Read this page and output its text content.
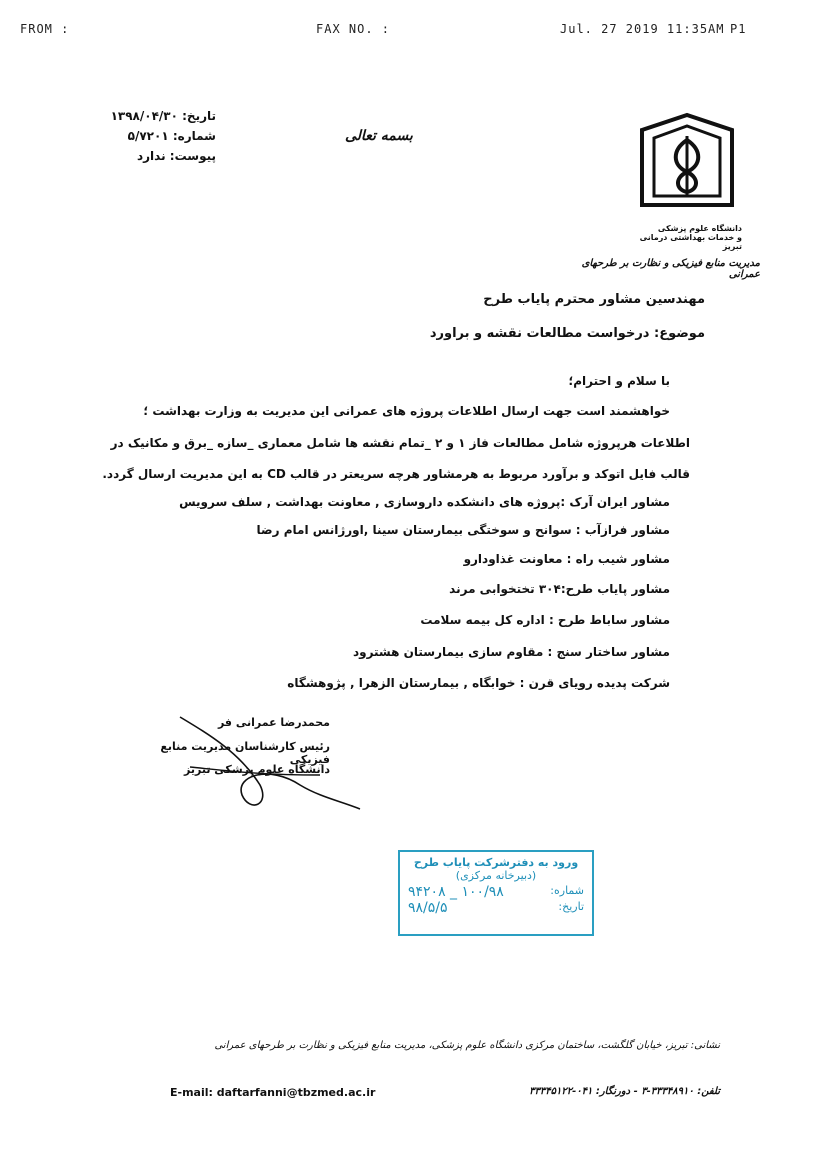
FROM :	FAX NO. :	Jul. 27 2019 11:35AM P1
تاریخ: ۱۳۹۸/۰۴/۳۰
شماره: ۵/۷۲۰۱
پیوست: ندارد
بسمه تعالی
دانشگاه علوم پزشکی
و خدمات بهداشتی درمانی تبریز
مدیریت منابع فیزیکی و نظارت بر طرحهای عمرانی
مهندسین مشاور محترم پایاب طرح
موضوع: درخواست مطالعات نقشه و براورد
با سلام و احترام؛
خواهشمند است جهت ارسال اطلاعات پروژه های عمرانی این مدیریت به وزارت بهداشت ؛
اطلاعات هرپروژه شامل مطالعات فاز ۱ و ۲ _تمام نقشه ها شامل معماری _سازه _برق و مکانیک در
قالب فایل اتوکد و برآورد مربوط به هرمشاور هرچه سریعتر در قالب CD به این مدیریت ارسال گردد.
مشاور ایران آرک :پروژه های دانشکده داروسازی , معاونت بهداشت , سلف سرویس
مشاور فرازآب : سوانح و سوختگی بیمارستان سینا ,اورژانس امام رضا
مشاور شیب راه : معاونت غذاودارو
مشاور پایاب طرح:۳۰۴ تختخوابی مرند
مشاور ساباط طرح : اداره کل بیمه سلامت
مشاور ساختار سنج : مقاوم سازی بیمارستان هشترود
شرکت پدیده رویای قرن : خوابگاه , بیمارستان الزهرا , پژوهشگاه
محمدرضا عمرانی فر
رئیس کارشناسان مدیریت منابع فیزیکی
دانشگاه علوم پزشکی تبریز
ورود به دفترشرکت پایاب طرح
(دبیرخانه مرکزی)
شماره:
۱۰۰/۹۸ _ ۹۴۲۰۸
تاریخ:
۹۸/۵/۵
نشانی: تبریز، خیابان گلگشت، ساختمان مرکزی دانشگاه علوم پزشکی، مدیریت منابع فیزیکی و نظارت بر طرحهای عمرانی
تلفن: ۳۳۳۴۸۹۱۰-۳ - دورنگار: ۰۴۱-۳۳۳۴۵۱۲۲
E-mail: daftarfanni@tbzmed.ac.ir
